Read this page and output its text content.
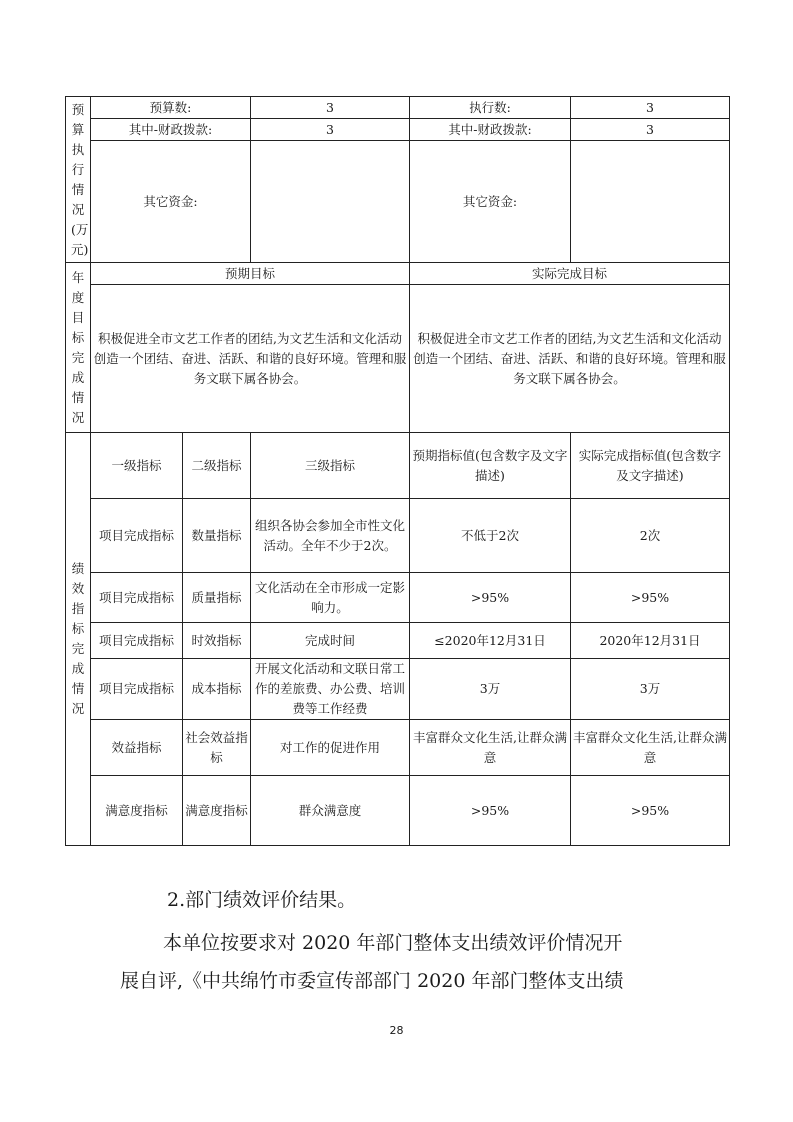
预算执行情况(万元)	预算数:		3	执行数:	3
	其中-财政拨款:		3	其中-财政拨款:	3
	其它资金:			其它资金:	

年度目标完成情况	预期目标			实际完成目标	
	积极促进全市文艺工作者的团结,为文艺生活和文化活动创造一个团结、奋进、活跃、和谐的良好环境。管理和服务文联下属各协会。			积极促进全市文艺工作者的团结,为文艺生活和文化活动创造一个团结、奋进、活跃、和谐的良好环境。管理和服务文联下属各协会。	

绩效指标完成情况	一级指标	二级指标	三级指标	预期指标值(包含数字及文字描述)	实际完成指标值(包含数字及文字描述)
	项目完成指标	数量指标	组织各协会参加全市性文化活动。全年不少于2次。	不低于2次	2次
	项目完成指标	质量指标	文化活动在全市形成一定影响力。	>95%	>95%
	项目完成指标	时效指标	完成时间	≤2020年12月31日	2020年12月31日
	项目完成指标	成本指标	开展文化活动和文联日常工作的差旅费、办公费、培训费等工作经费	3万	3万
	效益指标	社会效益指标	对工作的促进作用	丰富群众文化生活,让群众满意	丰富群众文化生活,让群众满意
	满意度指标	满意度指标	群众满意度	>95%	>95%

2.部门绩效评价结果。

本单位按要求对 2020 年部门整体支出绩效评价情况开

展自评,《中共绵竹市委宣传部部门 2020 年部门整体支出绩

28
